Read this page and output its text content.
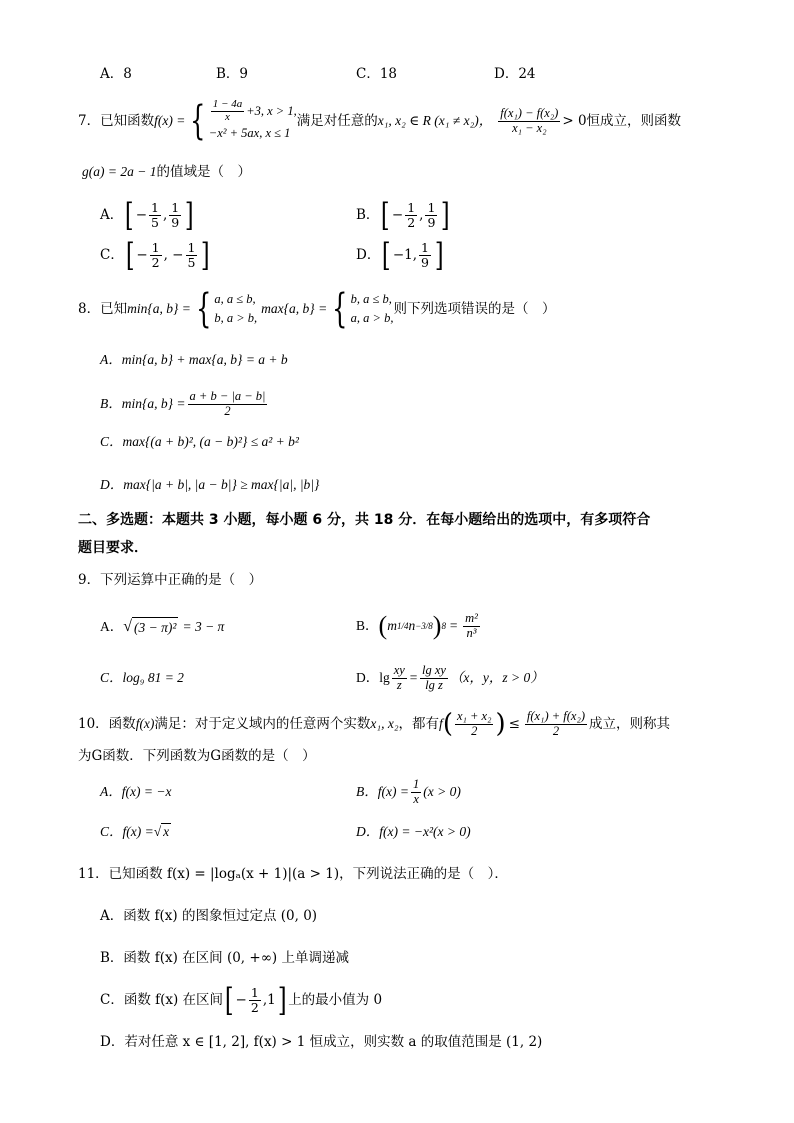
A．8	B．9	C．18	D．24
7． 已知函数 f(x) = { $\frac{1 - 4a}{x} +3$, x > 1,
−x² + 5ax, x ≤ 1
满足对任意的 x₁, x₂ ∈ R (x₁ ≠ x₂)， $\frac{\text{f(x₁) − f(x₂)}}{\text{x₁ − x₂}} > 0$恒成立，则函数
g(a) = 2a − 1的值域是（　）
A． [ − $\frac{1}{5}$ , $\frac{1}{9}$ ]	B． [ − $\frac{1}{2}$ , $\frac{1}{9}$ ]
C． [ − $\frac{1}{2}$ , − $\frac{1}{5}$ ]	D． [ −1, $\frac{1}{9}$ ]
8． 已知 min{a, b} = { a, a ≤ b,
b, a > b,
max{a, b} = { b, a ≤ b,
a, a > b,
则下列选项错误的是（　）
A．min{a, b} + max{a, b} = a + b
B．min{a, $b\} = \frac{a + b - |a - b|}{2}$
C．max{(a + b)², (a − b)²} ≤ a² + b²
D．max{|a + b|, |a − b|} ≥ max{|a|, |b|}
二、多选题：本题共 3 小题，每小题 6 分，共 18 分．在每小题给出的选项中，有多项符合
题目要求．
9．下列运算中正确的是（　）
A． √ (3 − π)² = 3 − π	B． ( m 1/4 n −3/8 ) $8 = \frac{\text{m²}}{\text{n³}}$
C．log₉ 81 = 2	D．$\lg \frac{xy}{z} = \frac{\text{lg xy}}{\text{lg z}} (x$，y，z > 0）
10．函数 f(x) 满足：对于定义域内的任意两个实数 x₁, x₂ ，都有 f ( $\frac{\text{x₁ + x₂}}{2}$ ) ≤ $\frac{\text{f(x₁) + f(x₂)}}{2}$ 成立，则称其
为G函数．下列函数为G函数的是（　）
A．f(x) = −x	B．$f(x) = \frac{1}{x} (x > 0)$
C．f(x) =√ x	D．f(x) = −x²(x > 0)
11．已知函数 f(x) = |logₐ(x + 1)|(a > 1)，下列说法正确的是（　）．
A．函数 f(x) 的图象恒过定点 (0, 0)
B．函数 f(x) 在区间 (0, +∞) 上单调递减
C．函数 f(x) 在区间 [ − $\frac{1}{2} ,1$ ] 上的最小值为 0
D．若对任意 x ∈ [1, 2], f(x) > 1 恒成立，则实数 a 的取值范围是 (1, 2)
